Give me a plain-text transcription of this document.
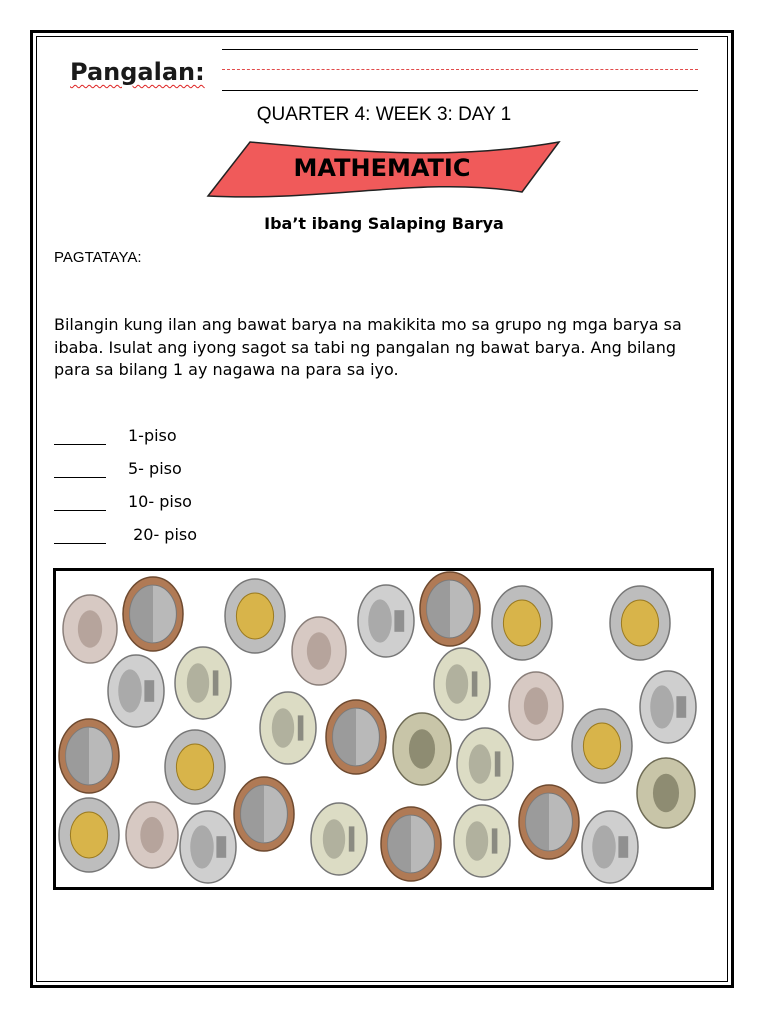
Pangalan:
QUARTER 4: WEEK 3: DAY 1
MATHEMATIC
Iba’t ibang Salaping Barya
PAGTATAYA:
Bilangin kung ilan ang bawat barya na makikita mo sa grupo ng mga barya sa ibaba. Isulat ang iyong sagot sa tabi ng pangalan ng bawat barya. Ang bilang para sa bilang 1 ay nagawa na para sa iyo.
1-piso
5- piso
10- piso
20- piso
